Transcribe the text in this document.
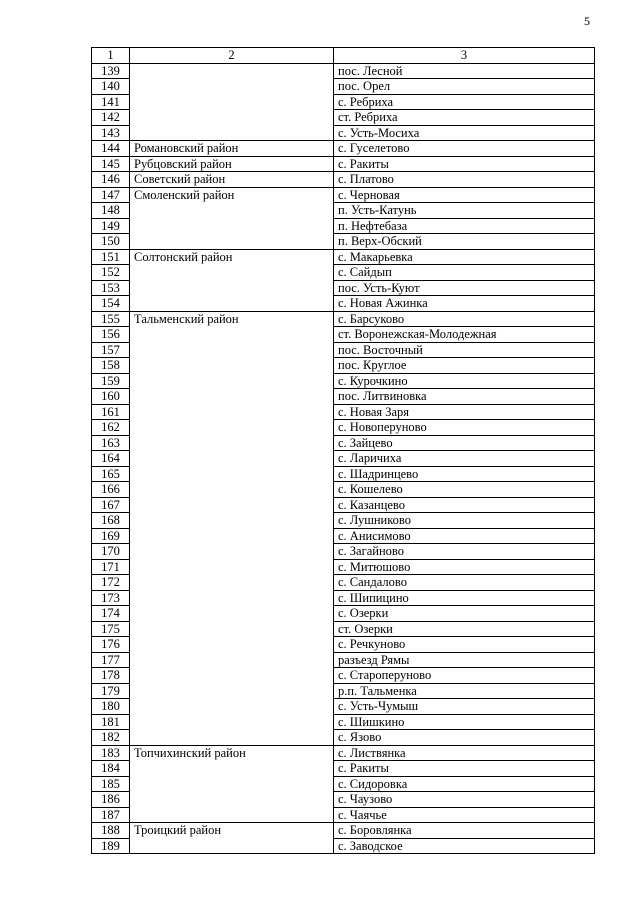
5
1	2	3
139		пос. Лесной
140		пос. Орел
141		с. Ребриха
142		ст. Ребриха
143		с. Усть-Мосиха
144	Романовский район	с. Гуселетово
145	Рубцовский район	с. Ракиты
146	Советский район	с. Платово
147	Смоленский район	с. Черновая
148		п. Усть-Катунь
149		п. Нефтебаза
150		п. Верх-Обский
151	Солтонский район	с. Макарьевка
152		с. Сайдып
153		пос. Усть-Куют
154		с. Новая Ажинка
155	Тальменский район	с. Барсуково
156		ст. Воронежская-Молодежная
157		пос. Восточный
158		пос. Круглое
159		с. Курочкино
160		пос. Литвиновка
161		с. Новая Заря
162		с. Новоперуново
163		с. Зайцево
164		с. Ларичиха
165		с. Шадринцево
166		с. Кошелево
167		с. Казанцево
168		с. Лушниково
169		с. Анисимово
170		с. Загайново
171		с. Митюшово
172		с. Сандалово
173		с. Шипицино
174		с. Озерки
175		ст. Озерки
176		с. Речкуново
177		разъезд Рямы
178		с. Староперуново
179		р.п. Тальменка
180		с. Усть-Чумыш
181		с. Шишкино
182		с. Язово
183	Топчихинский район	с. Листвянка
184		с. Ракиты
185		с. Сидоровка
186		с. Чаузово
187		с. Чаячье
188	Троицкий район	с. Боровлянка
189		с. Заводское
